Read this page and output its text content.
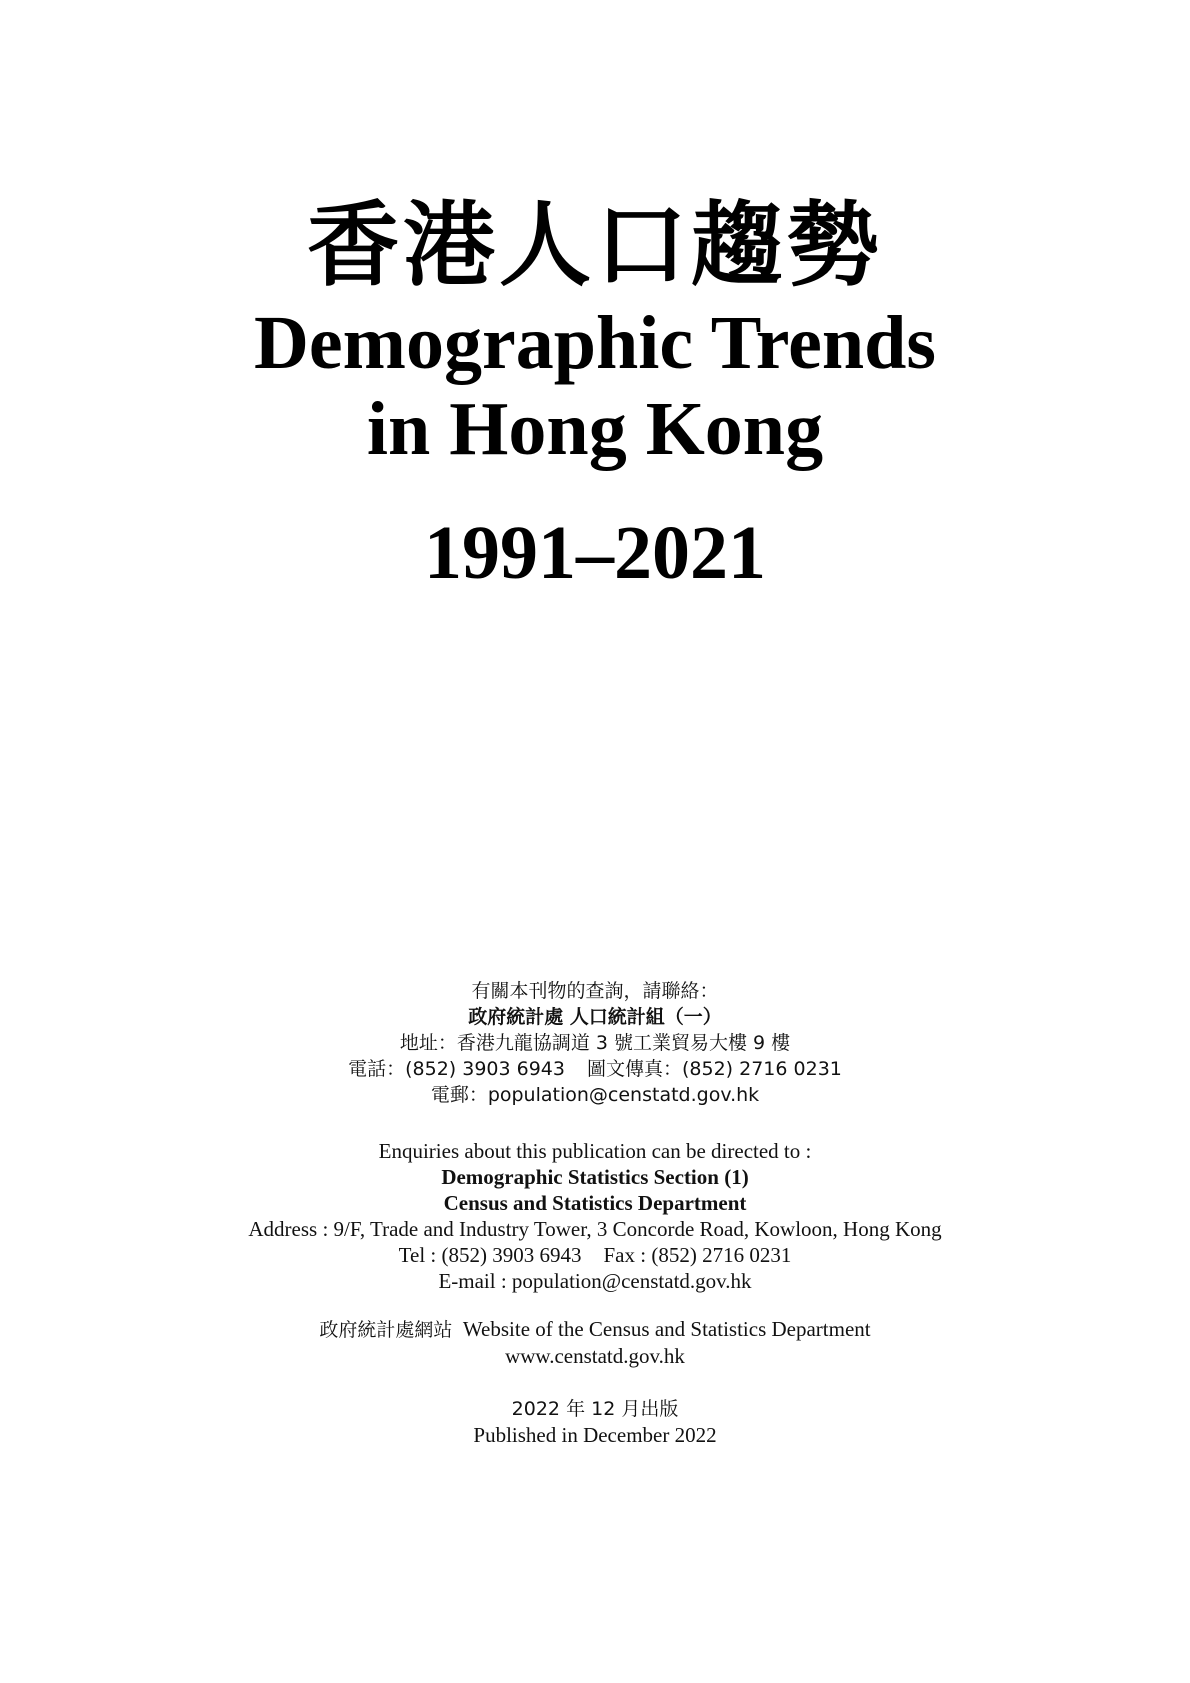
香港人口趨勢
Demographic Trends
in Hong Kong
1991–2021
有關本刊物的查詢，請聯絡：
政府統計處 人口統計組（一）
地址：香港九龍協調道 3 號工業貿易大樓 9 樓
電話：(852) 3903 6943 圖文傳真：(852) 2716 0231
電郵：population@censtatd.gov.hk
Enquiries about this publication can be directed to :
Demographic Statistics Section (1)
Census and Statistics Department
Address : 9/F, Trade and Industry Tower, 3 Concorde Road, Kowloon, Hong Kong
Tel : (852) 3903 6943 Fax : (852) 2716 0231
E-mail : population@censtatd.gov.hk
政府統計處網站 Website of the Census and Statistics Department
www.censtatd.gov.hk
2022 年 12 月出版
Published in December 2022
